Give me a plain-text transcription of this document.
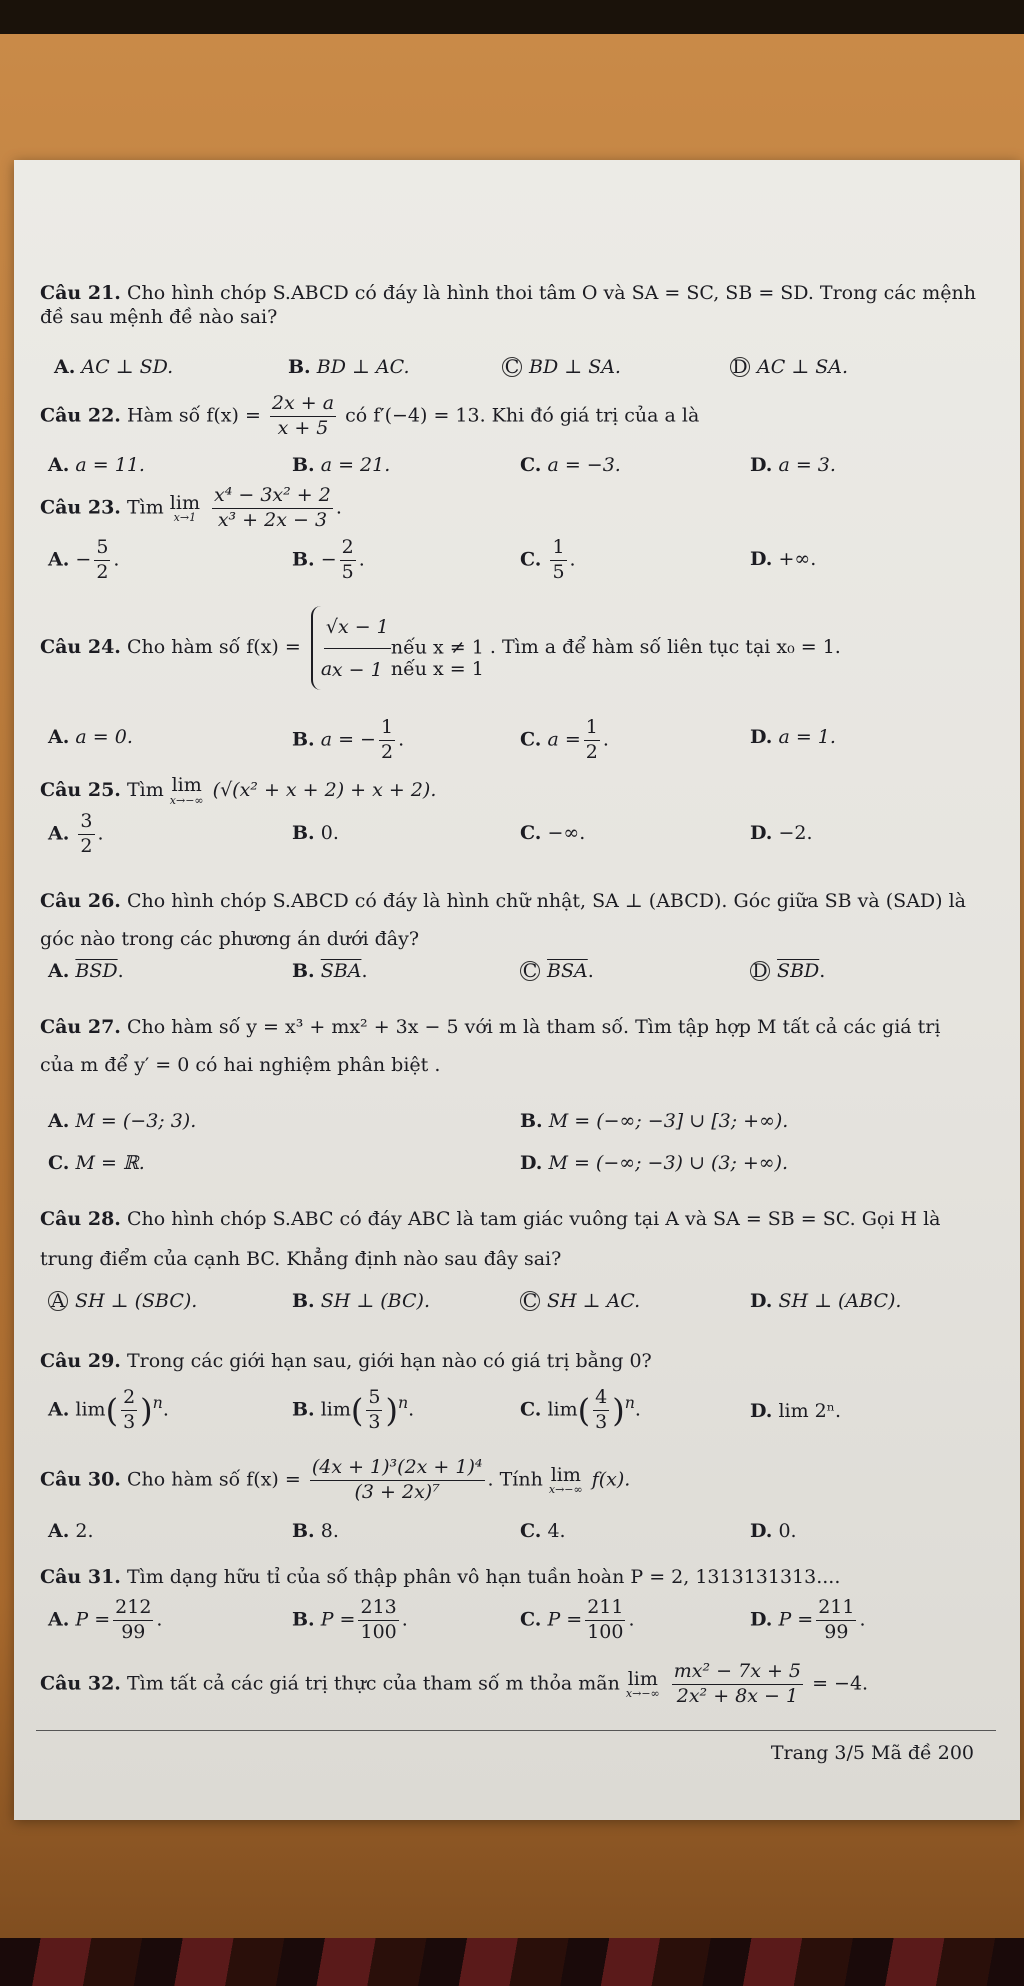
Câu 21. Cho hình chóp S.ABCD có đáy là hình thoi tâm O và SA = SC, SB = SD. Trong các mệnh đề sau mệnh đề nào sai?
A. AC ⊥ SD.	B. BD ⊥ AC.	C BD ⊥ SA.	D AC ⊥ SA.
Câu 22. Hàm số $f(x) = \frac{2x + a}{x + 5}$ có f′(−4) = 13. Khi đó giá trị của a là
A. a = 11.	B. a = 21.	C. a = −3.	D. a = 3.
Câu 23. Tìm lim
x→1
$\frac{\text{x⁴ − 3x² + 2}}{\text{x³ + 2x − 3}}$ .
A. − $\frac{5}{2}$ .	B. − $\frac{2}{5}$ .	C. $\frac{1}{5}$ .	D. +∞.
Câu 24. Cho hàm số $f(x) = \frac{√x - 1}{x - 1}$ nếu x ≠ 1
a	nếu x = 1
. Tìm a để hàm số liên tục tại x₀ = 1.
A. a = 0.	B. a = − $\frac{1}{2}$ .	C. $a = \frac{1}{2}$ .	D. a = 1.
Câu 25. Tìm lim
x→−∞ (√(x² + x + 2) + x + 2).
A. $\frac{3}{2}$ .	B. 0.	C. −∞.	D. −2.
Câu 26. Cho hình chóp S.ABCD có đáy là hình chữ nhật, SA ⊥ (ABCD). Góc giữa SB và (SAD) là góc nào trong các phương án dưới đây?
A. $\overline{BSD}$.	B. $\overline{SBA}$.	C $\overline{BSA}$.	D $\overline{SBD}$.
Câu 27. Cho hàm số y = x³ + mx² + 3x − 5 với m là tham số. Tìm tập hợp M tất cả các giá trị của m để y′ = 0 có hai nghiệm phân biệt .
A. M = (−3; 3).	B. M = (−∞; −3] ∪ [3; +∞).
C. M = ℝ.	D. M = (−∞; −3) ∪ (3; +∞).
Câu 28. Cho hình chóp S.ABC có đáy ABC là tam giác vuông tại A và SA = SB = SC. Gọi H là trung điểm của cạnh BC. Khẳng định nào sau đây sai?
A SH ⊥ (SBC).	B. SH ⊥ (BC).	C SH ⊥ AC.	D. SH ⊥ (ABC).
Câu 29. Trong các giới hạn sau, giới hạn nào có giá trị bằng 0?
A. $\lim( \frac{2}{3} )^n$.	B. $\lim( \frac{5}{3} )^n$.	C. $\lim( \frac{4}{3} )^n$.	D. lim 2ⁿ.
Câu 30. Cho hàm số $f(x) = \frac{\text{(4x + 1)³(2x + 1)⁴}}{\text{(3 + 2x)⁷}}$ . Tính lim
x→−∞ f(x).
A. 2.	B. 8.	C. 4.	D. 0.
Câu 31. Tìm dạng hữu tỉ của số thập phân vô hạn tuần hoàn P = 2, 1313131313....
A. $P = \frac{212}{99}$ .	B. $P = \frac{213}{100}$ .	C. $P = \frac{211}{100}$ .	D. $P = \frac{211}{99}$ .
Câu 32. Tìm tất cả các giá trị thực của tham số m thỏa mãn lim
x→−∞
$\frac{\text{mx² − 7x + 5}}{\text{2x² + 8x − 1}} = -4$.
Trang 3/5 Mã đề 200
